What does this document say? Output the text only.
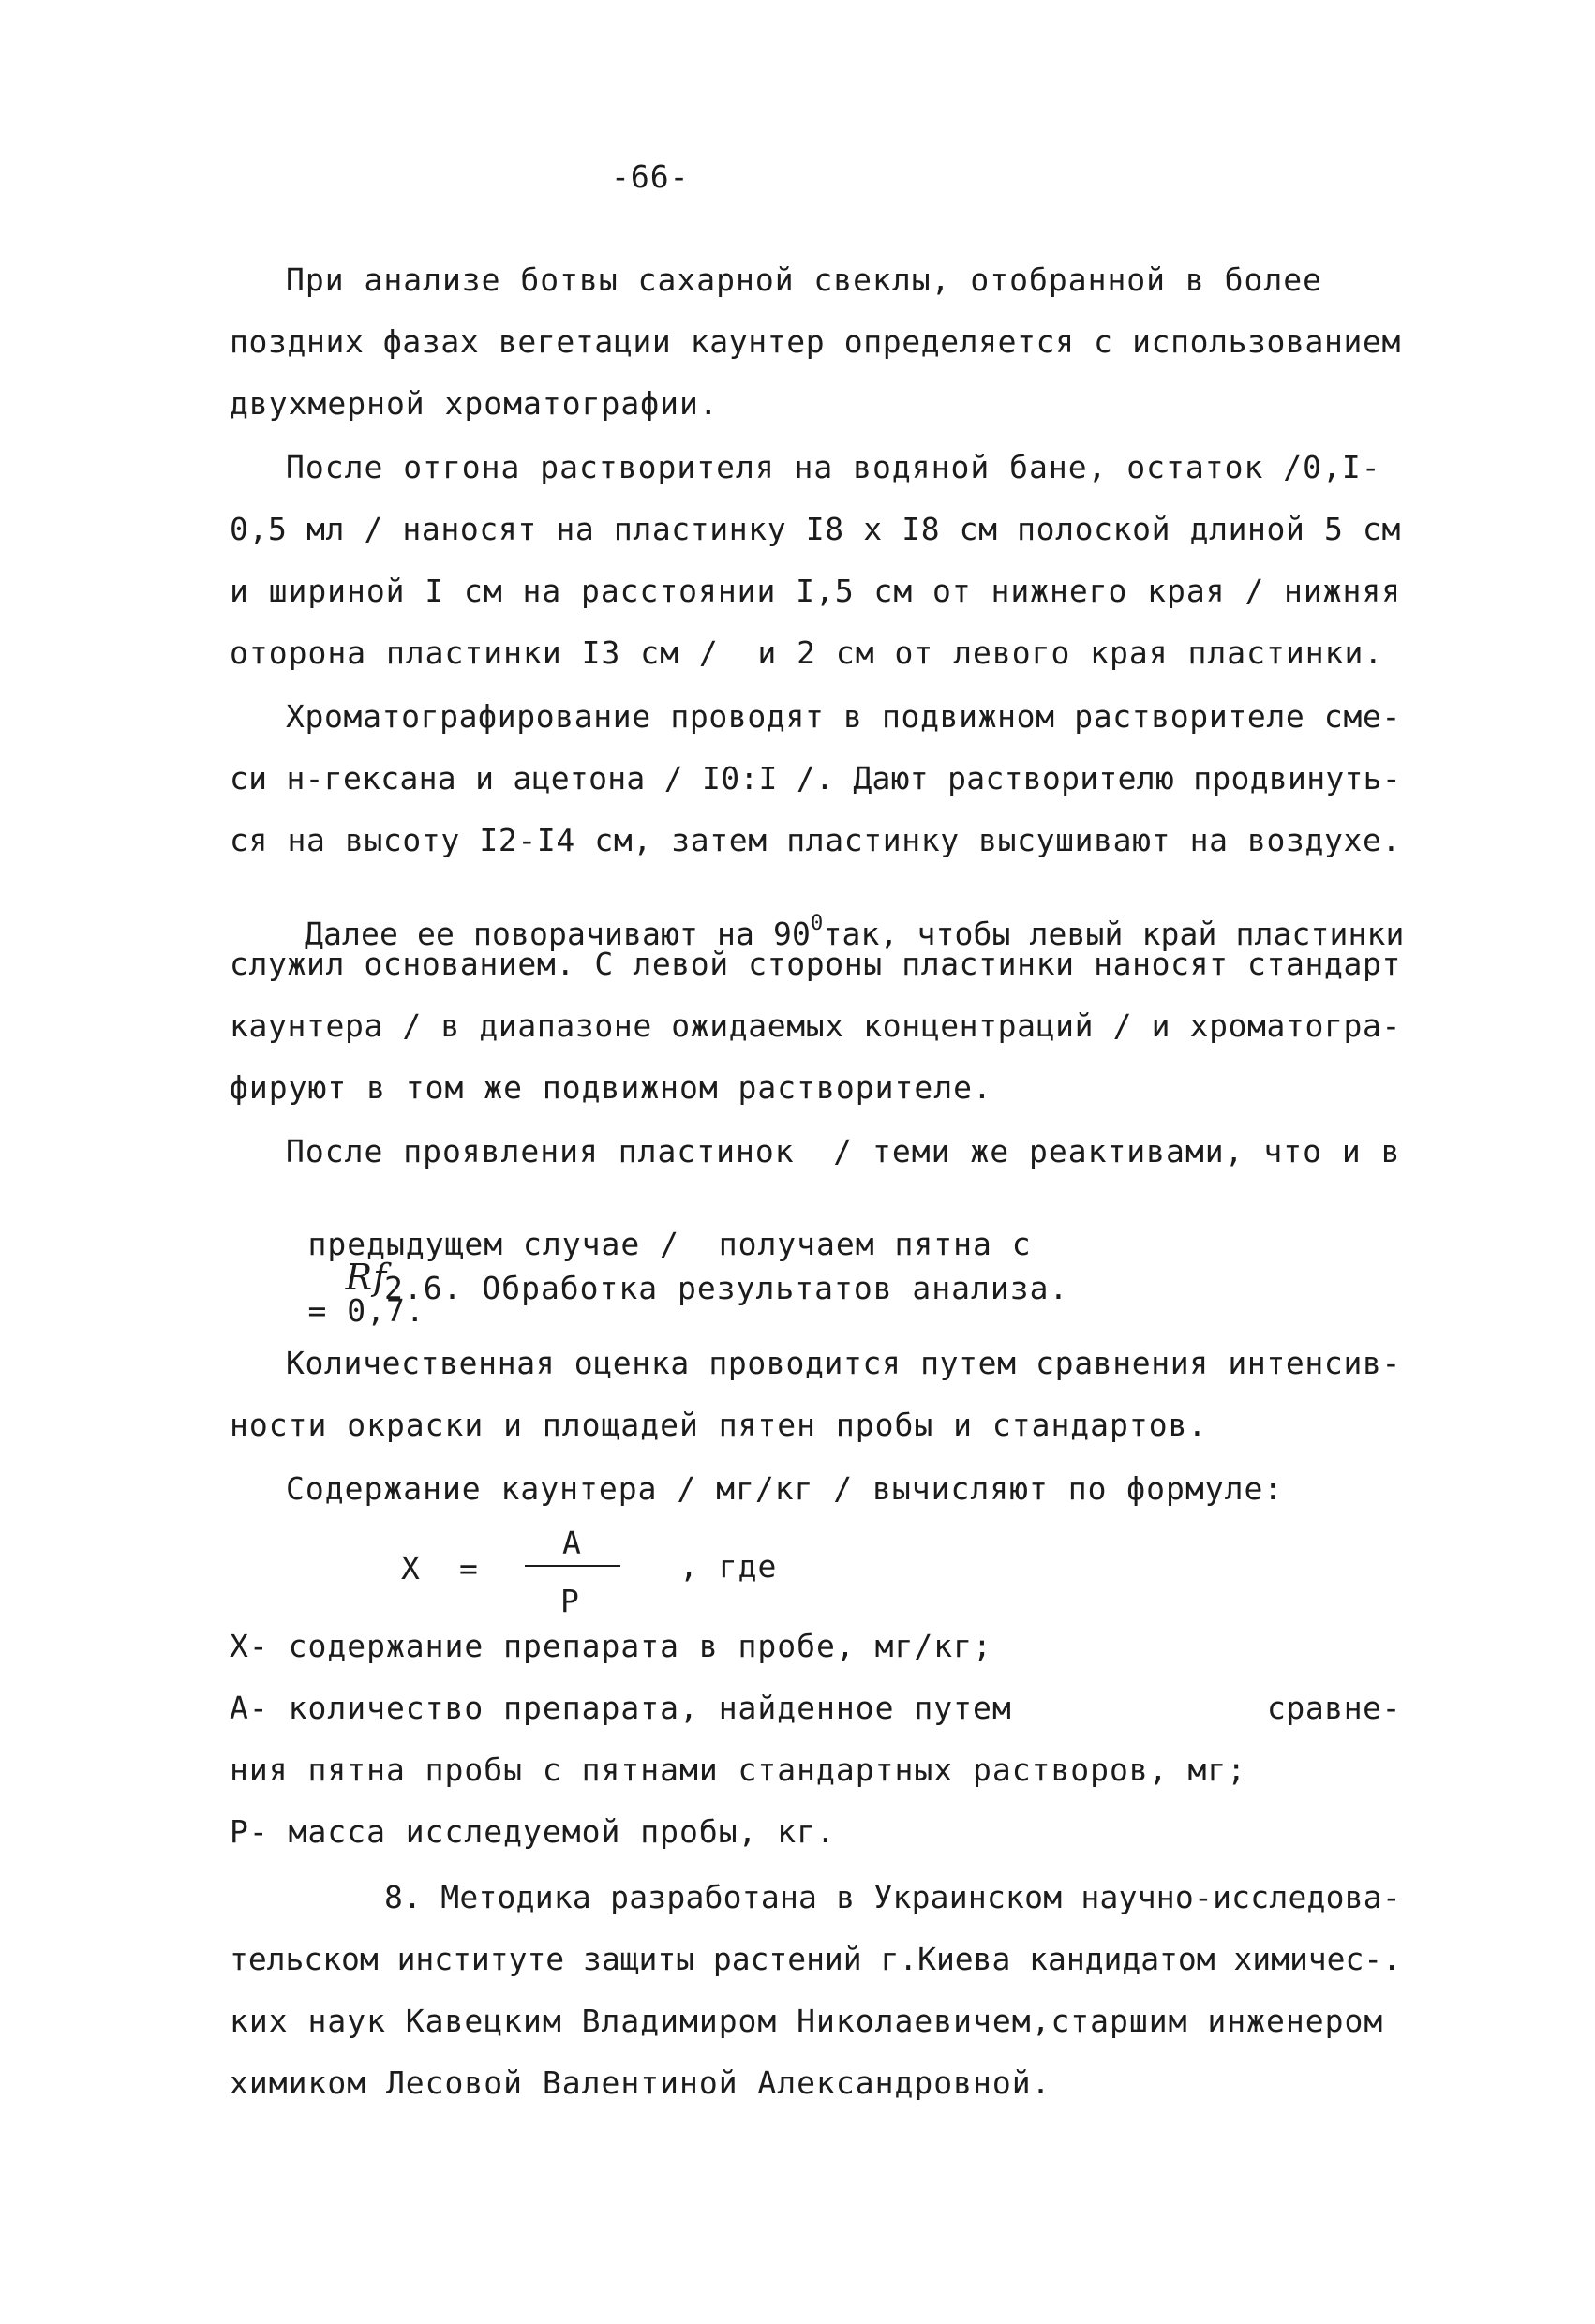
-66-
При анализе ботвы сахарной свеклы, отобранной в более
поздних фазах вегетации каунтер определяется с использованием
двухмерной хроматографии.
После отгона растворителя на водяной бане, остаток /0,I-
0,5 мл / наносят на пластинку I8 х I8 см полоской длиной 5 см
и шириной I см на расстоянии I,5 см от нижнего края / нижняя
оторона пластинки I3 см /  и 2 см от левого края пластинки.
Хроматографирование проводят в подвижном растворителе сме-
си н-гексана и ацетона / I0:I /. Дают растворителю продвинуть-
ся на высоту I2-I4 см, затем пластинку высушивают на воздухе.

Далее ее поворачивают на $90^0так$, чтобы левый край пластинки

служил основанием. С левой стороны пластинки наносят стандарт
каунтера / в диапазоне ожидаемых концентраций / и хроматогра-
фируют в том же подвижном растворителе.
После проявления пластинок  / теми же реактивами, что и в

предыдущем случае /  получаем пятна с
Rf
= 0,7.

2.6. Обработка результатов анализа.
Количественная оценка проводится путем сравнения интенсив-
ности окраски и площадей пятен пробы и стандартов.
Содержание каунтера / мг/кг / вычисляют по формуле:
Х =
А
Р
, где
Х- содержание препарата в пробе, мг/кг;
А- количество препарата, найденное путем	сравне-
ния пятна пробы с пятнами стандартных растворов, мг;
Р- масса исследуемой пробы, кг.
8. Методика разработана в Украинском научно-исследова-
тельском институте защиты растений г.Киева кандидатом химичес-.
ких наук Кавецким Владимиром Николаевичем,старшим инженером
химиком Лесовой Валентиной Александровной.
